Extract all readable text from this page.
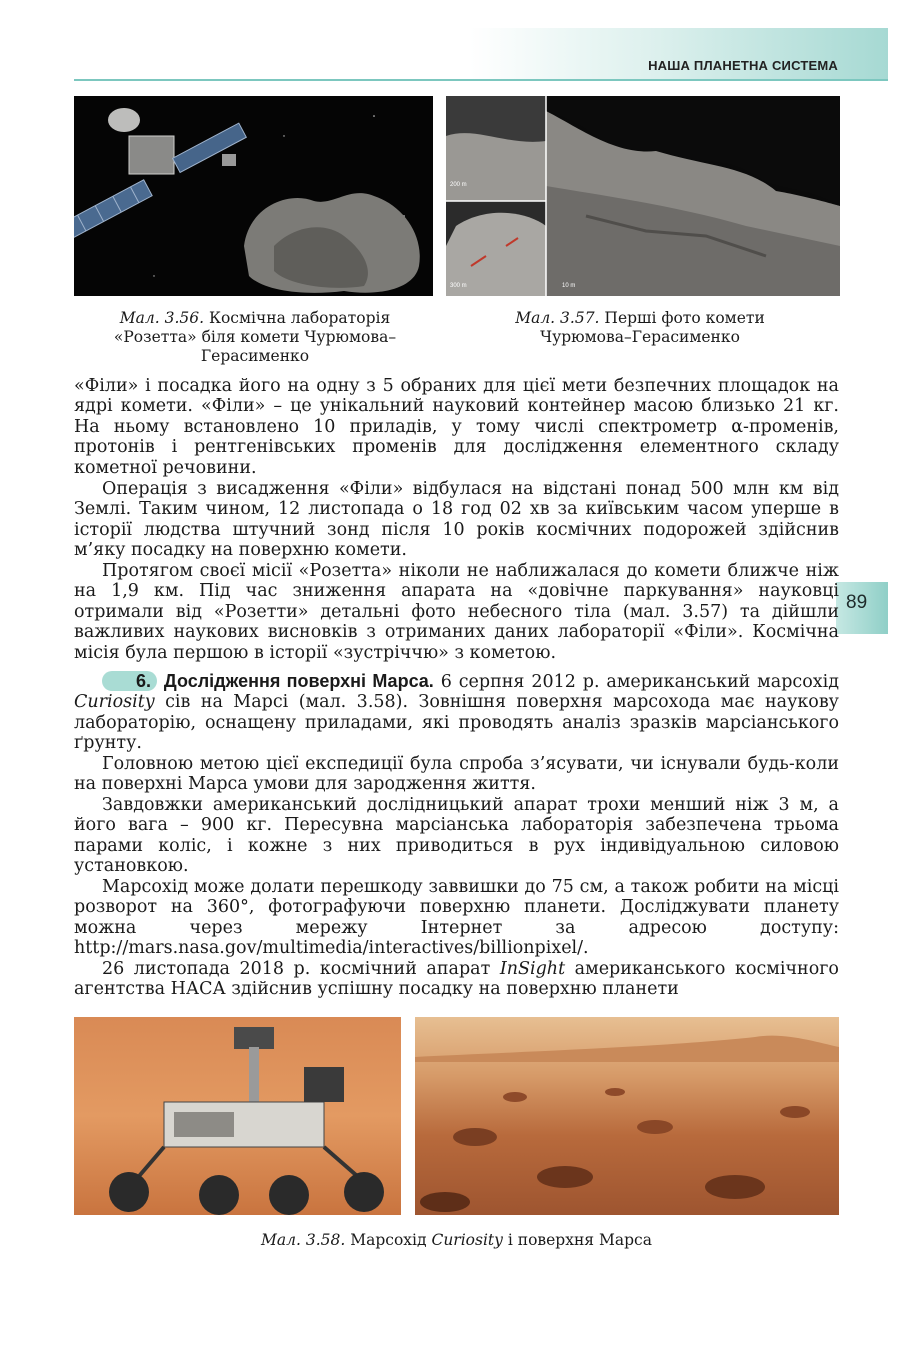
НАША ПЛАНЕТНА СИСТЕМА
89
200 m
300 m	10 m
Мал. 3.56. Космічна лабораторія «Розетта» біля комети Чурюмова–Герасименко
Мал. 3.57. Перші фото комети Чурюмова–Герасименко
«Філи» і посадка його на одну з 5 обраних для цієї мети безпечних площадок на ядрі комети. «Філи» – це унікальний науковий контейнер масою близько 21 кг. На ньому встановлено 10 приладів, у тому числі спектрометр α-променів, протонів і рентгенівських променів для дослідження елементного складу кометної речовини.
Операція з висадження «Філи» відбулася на відстані понад 500 млн км від Землі. Таким чином, 12 листопада о 18 год 02 хв за київським часом уперше в історії людства штучний зонд після 10 років космічних подорожей здійснив м’яку посадку на поверхню комети.
Протягом своєї місії «Розетта» ніколи не наближалася до комети ближче ніж на 1,9 км. Під час зниження апарата на «довічне паркування» науковці отримали від «Розетти» детальні фото небесного тіла (мал. 3.57) та дійшли важливих наукових висновків з отриманих даних лабораторії «Філи». Космічна місія була першою в історії «зустріччю» з кометою.
6. Дослідження поверхні Марса. 6 серпня 2012 р. американський марсохід Curiosity сів на Марсі (мал. 3.58). Зовнішня поверхня марсохода має наукову лабораторію, оснащену приладами, які проводять аналіз зразків марсіанського ґрунту.
Головною метою цієї експедиції була спроба з’ясувати, чи існували будь-коли на поверхні Марса умови для зародження життя.
Завдовжки американський дослідницький апарат трохи менший ніж 3 м, а його вага – 900 кг. Пересувна марсіанська лабораторія забезпечена трьома парами коліс, і кожне з них приводиться в рух індивідуальною силовою установкою.
Марсохід може долати перешкоду заввишки до 75 см, а також робити на місці розворот на 360°, фотографуючи поверхню планети. Досліджувати планету можна через мережу Інтернет за адресою доступу: http://mars.nasa.gov/multimedia/interactives/billionpixel/.
26 листопада 2018 р. космічний апарат InSight американського космічного агентства НАСА здійснив успішну посадку на поверхню планети
Мал. 3.58. Марсохід Curiosity і поверхня Марса
